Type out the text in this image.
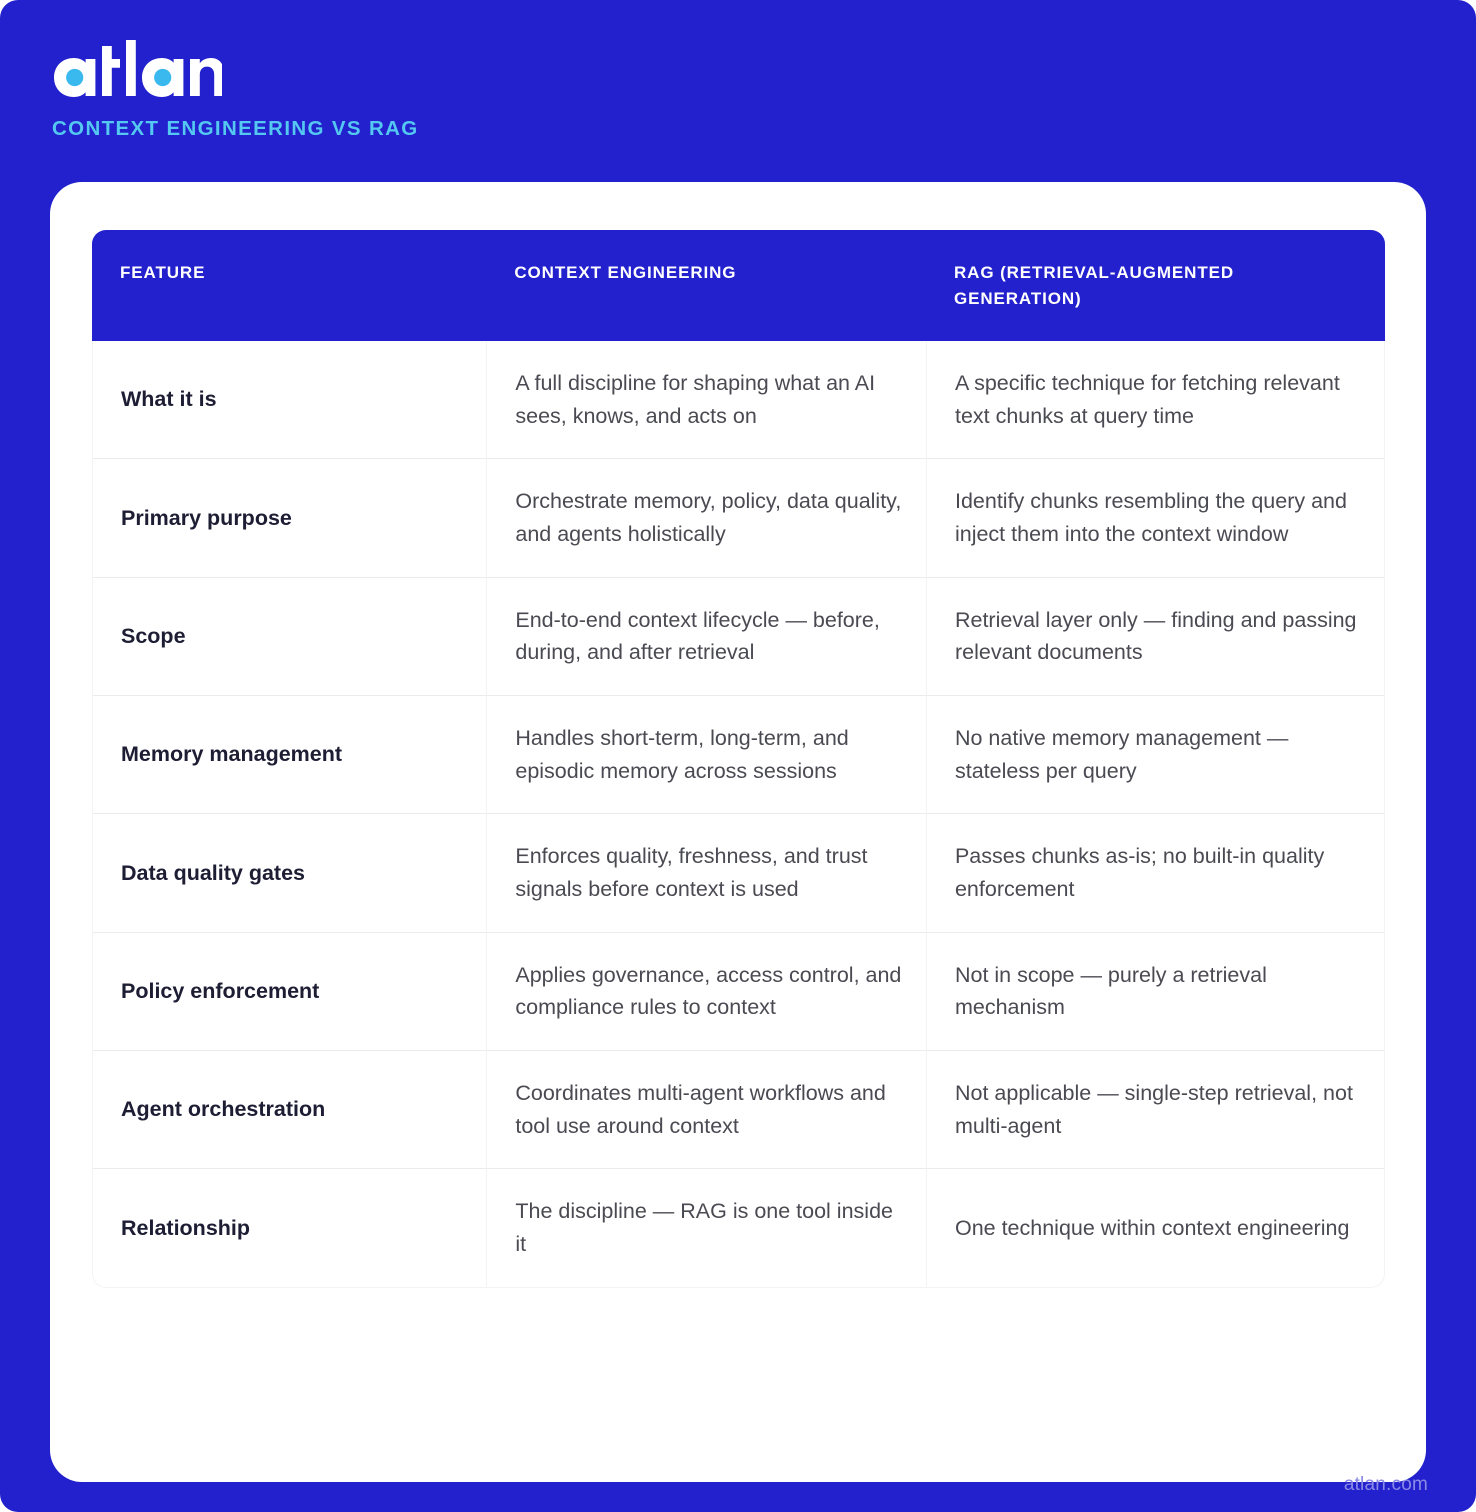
CONTEXT ENGINEERING VS RAG
FEATURE	CONTEXT ENGINEERING	RAG (RETRIEVAL-AUGMENTED GENERATION)
What it is	A full discipline for shaping what an AI sees, knows, and acts on	A specific technique for fetching relevant text chunks at query time
Primary purpose	Orchestrate memory, policy, data quality, and agents holistically	Identify chunks resembling the query and inject them into the context window
Scope	End-to-end context lifecycle — before, during, and after retrieval	Retrieval layer only — finding and passing relevant documents
Memory management	Handles short-term, long-term, and episodic memory across sessions	No native memory management — stateless per query
Data quality gates	Enforces quality, freshness, and trust signals before context is used	Passes chunks as-is; no built-in quality enforcement
Policy enforcement	Applies governance, access control, and compliance rules to context	Not in scope — purely a retrieval mechanism
Agent orchestration	Coordinates multi-agent workflows and tool use around context	Not applicable — single-step retrieval, not multi-agent
Relationship	The discipline — RAG is one tool inside it	One technique within context engineering
atlan.com
